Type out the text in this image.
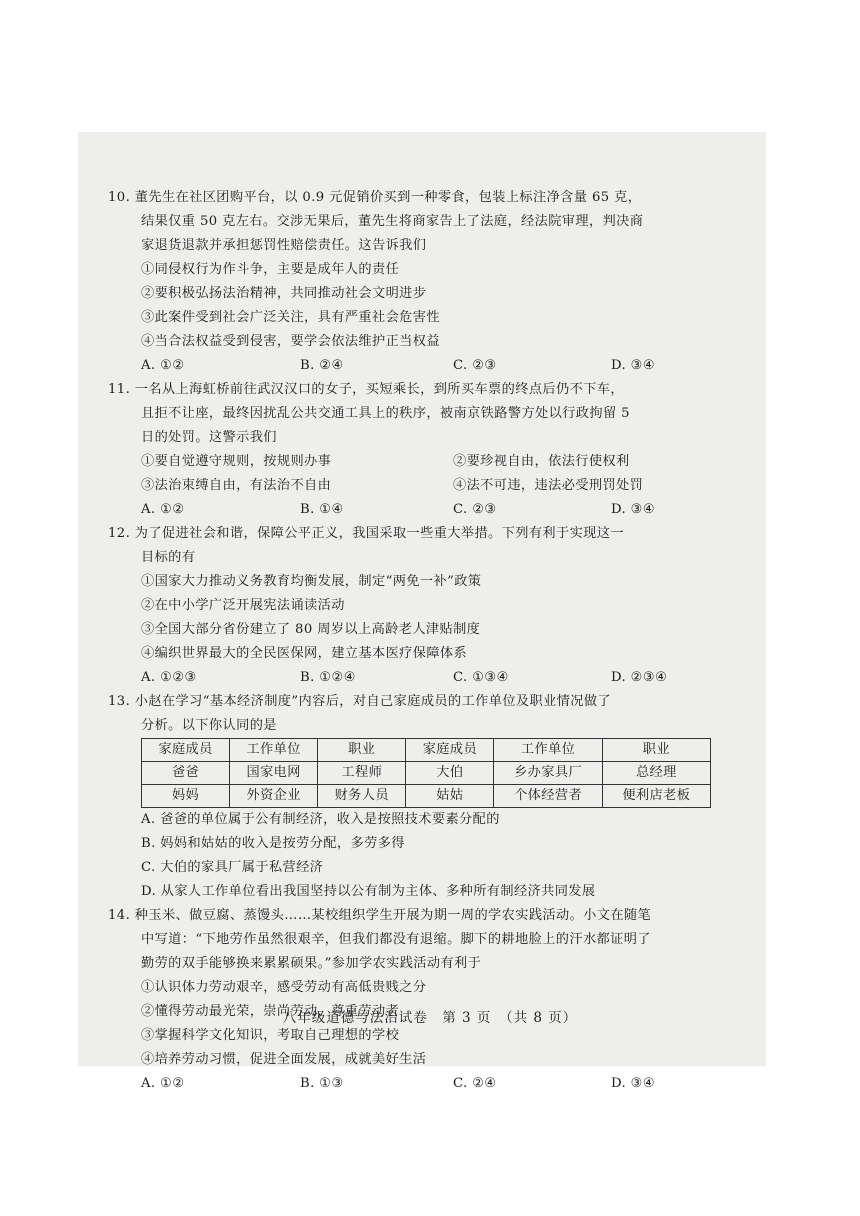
10. 董先生在社区团购平台，以 0.9 元促销价买到一种零食，包装上标注净含量 65 克，
结果仅重 50 克左右。交涉无果后，董先生将商家告上了法庭，经法院审理，判决商
家退货退款并承担惩罚性赔偿责任。这告诉我们
①同侵权行为作斗争，主要是成年人的责任
②要积极弘扬法治精神，共同推动社会文明进步
③此案件受到社会广泛关注，具有严重社会危害性
④当合法权益受到侵害，要学会依法维护正当权益
A. ①②	B. ②④	C. ②③	D. ③④
11. 一名从上海虹桥前往武汉汉口的女子，买短乘长，到所买车票的终点后仍不下车，
且拒不让座，最终因扰乱公共交通工具上的秩序，被南京铁路警方处以行政拘留 5
日的处罚。这警示我们
①要自觉遵守规则，按规则办事	②要珍视自由，依法行使权利
③法治束缚自由，有法治不自由	④法不可违，违法必受刑罚处罚
A. ①②	B. ①④	C. ②③	D. ③④
12. 为了促进社会和谐，保障公平正义，我国采取一些重大举措。下列有利于实现这一
目标的有
①国家大力推动义务教育均衡发展，制定“两免一补”政策
②在中小学广泛开展宪法诵读活动
③全国大部分省份建立了 80 周岁以上高龄老人津贴制度
④编织世界最大的全民医保网，建立基本医疗保障体系
A. ①②③	B. ①②④	C. ①③④	D. ②③④
13. 小赵在学习“基本经济制度”内容后，对自己家庭成员的工作单位及职业情况做了
分析。以下你认同的是
家庭成员	工作单位	职业	家庭成员	工作单位	职业
爸爸	国家电网	工程师	大伯	乡办家具厂	总经理
妈妈	外资企业	财务人员	姑姑	个体经营者	便利店老板
A. 爸爸的单位属于公有制经济，收入是按照技术要素分配的
B. 妈妈和姑姑的收入是按劳分配，多劳多得
C. 大伯的家具厂属于私营经济
D. 从家人工作单位看出我国坚持以公有制为主体、多种所有制经济共同发展
14. 种玉米、做豆腐、蒸馒头……某校组织学生开展为期一周的学农实践活动。小文在随笔
中写道：“下地劳作虽然很艰辛，但我们都没有退缩。脚下的耕地脸上的汗水都证明了
勤劳的双手能够换来累累硕果。”参加学农实践活动有利于
①认识体力劳动艰辛，感受劳动有高低贵贱之分
②懂得劳动最光荣，崇尚劳动，尊重劳动者
③掌握科学文化知识，考取自己理想的学校
④培养劳动习惯，促进全面发展，成就美好生活
A. ①②	B. ①③	C. ②④	D. ③④
八年级道德与法治试卷　第 3 页　（共 8 页）
